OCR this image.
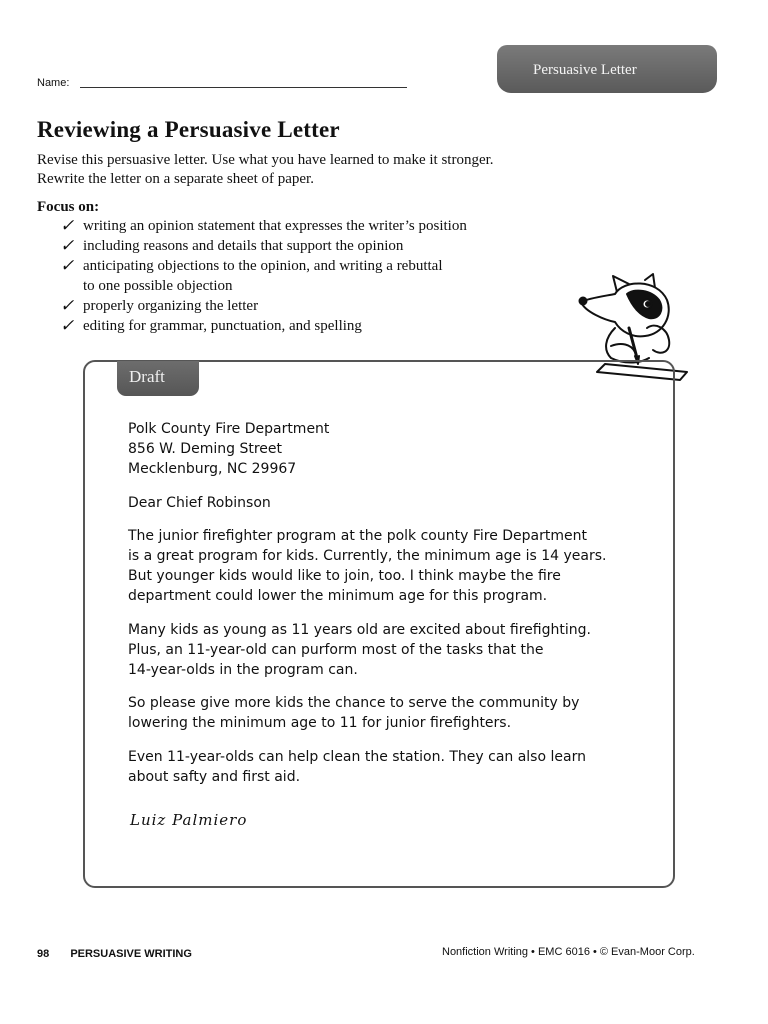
Name:
Persuasive Letter
Reviewing a Persuasive Letter
Revise this persuasive letter. Use what you have learned to make it stronger.
Rewrite the letter on a separate sheet of paper.
Focus on:
✓ writing an opinion statement that expresses the writer’s position
✓ including reasons and details that support the opinion
✓ anticipating objections to the opinion, and writing a rebuttal
to one possible objection
✓ properly organizing the letter
✓ editing for grammar, punctuation, and spelling
Draft

Polk County Fire Department

856 W. Deming Street

Mecklenburg, NC 29967

Dear Chief Robinson

The junior firefighter program at the polk county Fire Department

is a great program for kids. Currently, the minimum age is 14 years.

But younger kids would like to join, too. I think maybe the fire

department could lower the minimum age for this program.

Many kids as young as 11 years old are excited about firefighting.

Plus, an 11-year-old can purform most of the tasks that the

14-year-olds in the program can.

So please give more kids the chance to serve the community by

lowering the minimum age to 11 for junior firefighters.

Even 11-year-olds can help clean the station. They can also learn

about safty and first aid.

Luiz Palmiero
98 PERSUASIVE WRITING	Nonfiction Writing • EMC 6016 • © Evan-Moor Corp.
